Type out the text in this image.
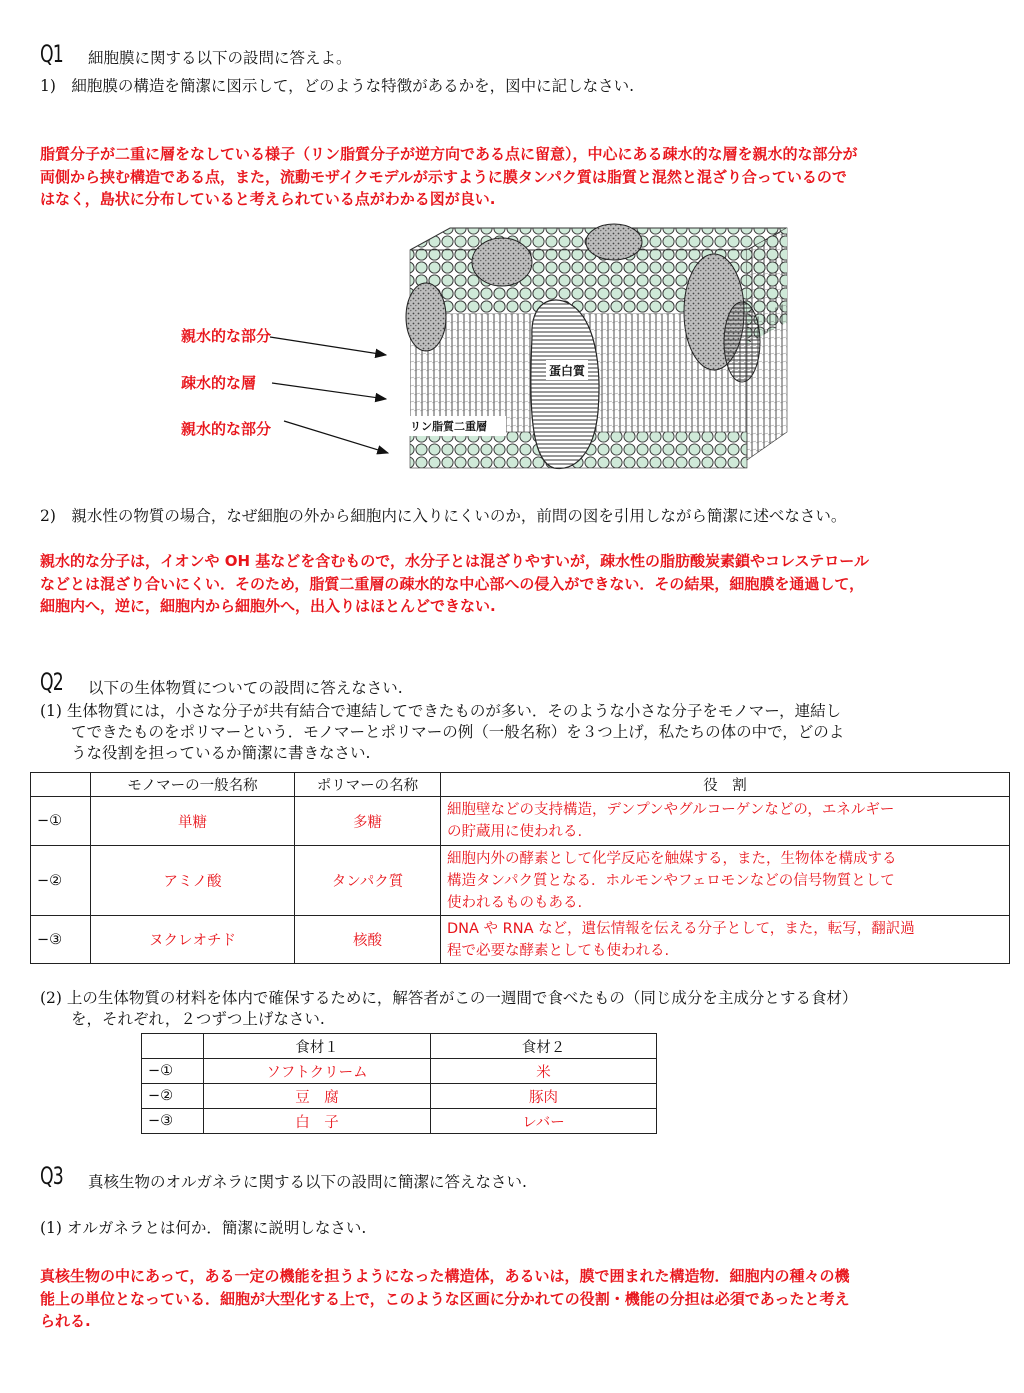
Q1 細胞膜に関する以下の設問に答えよ。
1)　細胞膜の構造を簡潔に図示して，どのような特徴があるかを，図中に記しなさい.
脂質分子が二重に層をなしている様子（リン脂質分子が逆方向である点に留意），中心にある疎水的な層を親水的な部分が
両側から挟む構造である点，また，流動モザイクモデルが示すように膜タンパク質は脂質と混然と混ざり合っているので
はなく，島状に分布していると考えられている点がわかる図が良い.
蛋白質
リン脂質二重層
親水的な部分
疎水的な層
親水的な部分
2)　親水性の物質の場合，なぜ細胞の外から細胞内に入りにくいのか，前問の図を引用しながら簡潔に述べなさい。
親水的な分子は，イオンや OH 基などを含むもので，水分子とは混ざりやすいが，疎水性の脂肪酸炭素鎖やコレステロール
などとは混ざり合いにくい．そのため，脂質二重層の疎水的な中心部への侵入ができない．その結果，細胞膜を通過して，
細胞内へ，逆に，細胞内から細胞外へ，出入りはほとんどできない.
Q2 以下の生体物質についての設問に答えなさい.
(1) 生体物質には，小さな分子が共有結合で連結してできたものが多い．そのような小さな分子をモノマー，連結し
　　てできたものをポリマーという．モノマーとポリマーの例（一般名称）を３つ上げ，私たちの体の中で，どのよ
　　うな役割を担っているか簡潔に書きなさい.
	モノマーの一般名称	ポリマーの名称	役　割
−①	単糖	多糖	細胞壁などの支持構造，デンプンやグルコーゲンなどの，エネルギー
の貯蔵用に使われる.

−②	アミノ酸	タンパク質	細胞内外の酵素として化学反応を触媒する，また，生物体を構成する
構造タンパク質となる．ホルモンやフェロモンなどの信号物質として
使われるものもある.

−③	ヌクレオチド	核酸	DNA や RNA など，遺伝情報を伝える分子として，また，転写，翻訳過
程で必要な酵素としても使われる.
(2) 上の生体物質の材料を体内で確保するために，解答者がこの一週間で食べたもの（同じ成分を主成分とする食材）
　　を，それぞれ，２つずつ上げなさい.
	食材１	食材２
−①	ソフトクリーム	米
−②	豆　腐	豚肉
−③	白　子	レバー
Q3 真核生物のオルガネラに関する以下の設問に簡潔に答えなさい.
(1) オルガネラとは何か．簡潔に説明しなさい.
真核生物の中にあって，ある一定の機能を担うようになった構造体，あるいは，膜で囲まれた構造物．細胞内の種々の機
能上の単位となっている．細胞が大型化する上で，このような区画に分かれての役割・機能の分担は必須であったと考え
られる.
